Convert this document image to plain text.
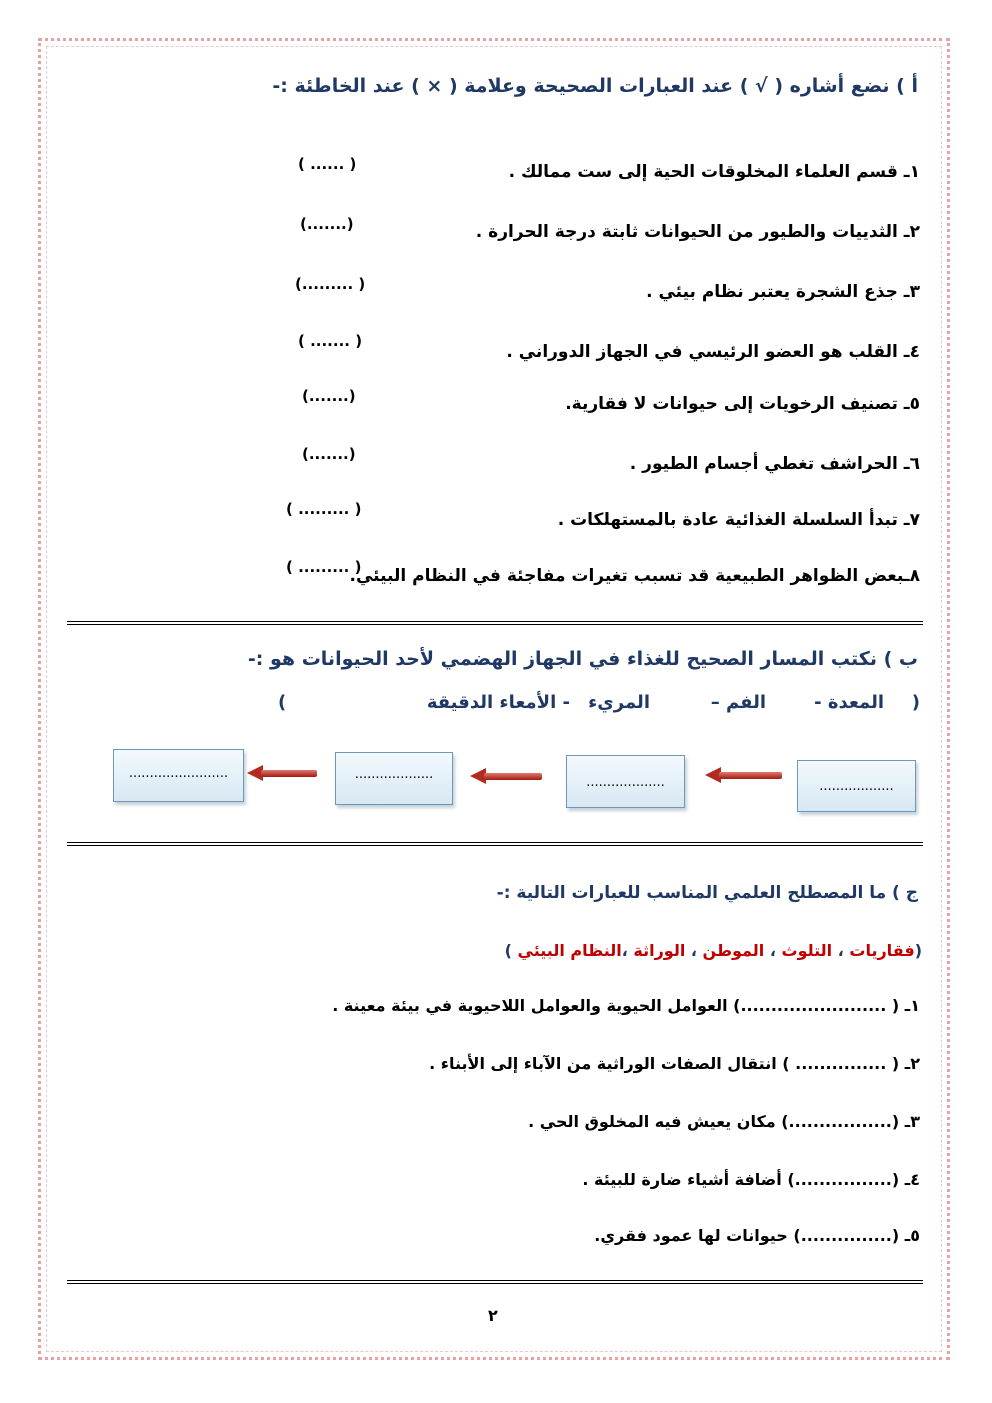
أ ) نضع أشاره ( √ ) عند العبارات الصحيحة وعلامة ( × ) عند الخاطئة :-
١ـ قسم العلماء المخلوقات الحية إلى ست ممالك .
( ...... )
٢ـ الثدييات والطيور من الحيوانات ثابتة درجة الحرارة .
(.......)
٣ـ جذع الشجرة يعتبر نظام بيئي .
( .........)
٤ـ القلب هو العضو الرئيسي في الجهاز الدوراني .
( ....... )
٥ـ تصنيف الرخويات إلى حيوانات لا فقارية.
(.......)
٦ـ الحراشف تغطي أجسام الطيور .
(.......)
٧ـ تبدأ السلسلة الغذائية عادة بالمستهلكات .
( ......... )
٨ـبعض الظواهر الطبيعية قد تسبب تغيرات مفاجئة في النظام البيئي.
( ......... )
ب ) نكتب المسار الصحيح للغذاء في الجهاز الهضمي لأحد الحيوانات هو :-
(
المعدة -
الفم –
المريء
- الأمعاء الدقيقة
)
..................
...................
...................
........................
ج ) ما المصطلح العلمي المناسب للعبارات التالية :-
(فقاريات ، التلوث ، الموطن ، الوراثة ،النظام البيئي )
١ـ ( ........................) العوامل الحيوية والعوامل اللاحيوية في بيئة معينة .
٢ـ ( ............... ) انتقال الصفات الوراثية من الآباء إلى الأبناء .
٣ـ (.................) مكان يعيش فيه المخلوق الحي .
٤ـ (................) أضافة أشياء ضارة للبيئة .
٥ـ (...............) حيوانات لها عمود فقري.
٢
